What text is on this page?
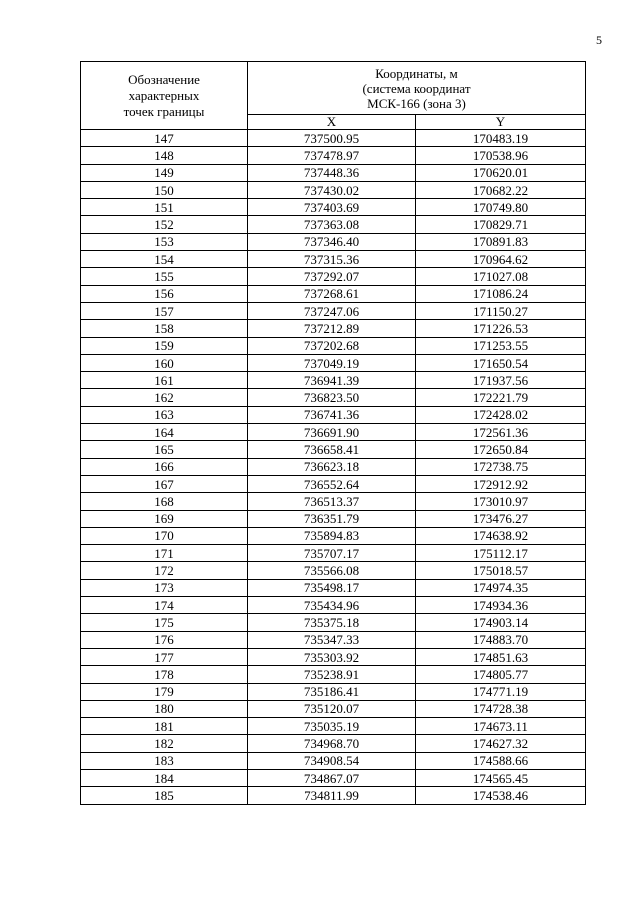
5
Обозначение
характерных
точек границы	Координаты, м
(система координат
МСК-166 (зона 3)	

	X	Y
147	737500.95	170483.19
148	737478.97	170538.96
149	737448.36	170620.01
150	737430.02	170682.22
151	737403.69	170749.80
152	737363.08	170829.71
153	737346.40	170891.83
154	737315.36	170964.62
155	737292.07	171027.08
156	737268.61	171086.24
157	737247.06	171150.27
158	737212.89	171226.53
159	737202.68	171253.55
160	737049.19	171650.54
161	736941.39	171937.56
162	736823.50	172221.79
163	736741.36	172428.02
164	736691.90	172561.36
165	736658.41	172650.84
166	736623.18	172738.75
167	736552.64	172912.92
168	736513.37	173010.97
169	736351.79	173476.27
170	735894.83	174638.92
171	735707.17	175112.17
172	735566.08	175018.57
173	735498.17	174974.35
174	735434.96	174934.36
175	735375.18	174903.14
176	735347.33	174883.70
177	735303.92	174851.63
178	735238.91	174805.77
179	735186.41	174771.19
180	735120.07	174728.38
181	735035.19	174673.11
182	734968.70	174627.32
183	734908.54	174588.66
184	734867.07	174565.45
185	734811.99	174538.46
